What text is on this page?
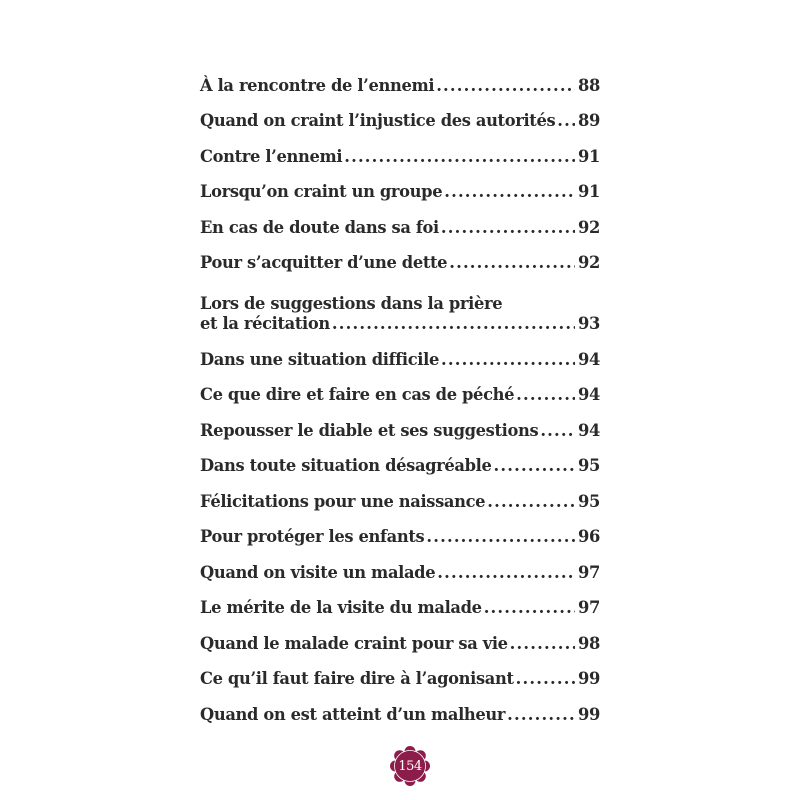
À la rencontre de l’ennemi .....	88
Quand on craint l’injustice des autorités ..... 89
Contre l’ennemi .....	91
Lorsqu’on craint un groupe .....	91
En cas de doute dans sa foi .....	92
Pour s’acquitter d’une dette .....	92
Lors de suggestions dans la prière
et la récitation .....	93
Dans une situation difficile .....	94
Ce que dire et faire en cas de péché .....	94
Repousser le diable et ses suggestions ..... 94
Dans toute situation désagréable .....	95
Félicitations pour une naissance .....	95
Pour protéger les enfants .....	96
Quand on visite un malade .....	97
Le mérite de la visite du malade .....	97
Quand le malade craint pour sa vie .....	98
Ce qu’il faut faire dire à l’agonisant .....	99
Quand on est atteint d’un malheur .....	99
154
